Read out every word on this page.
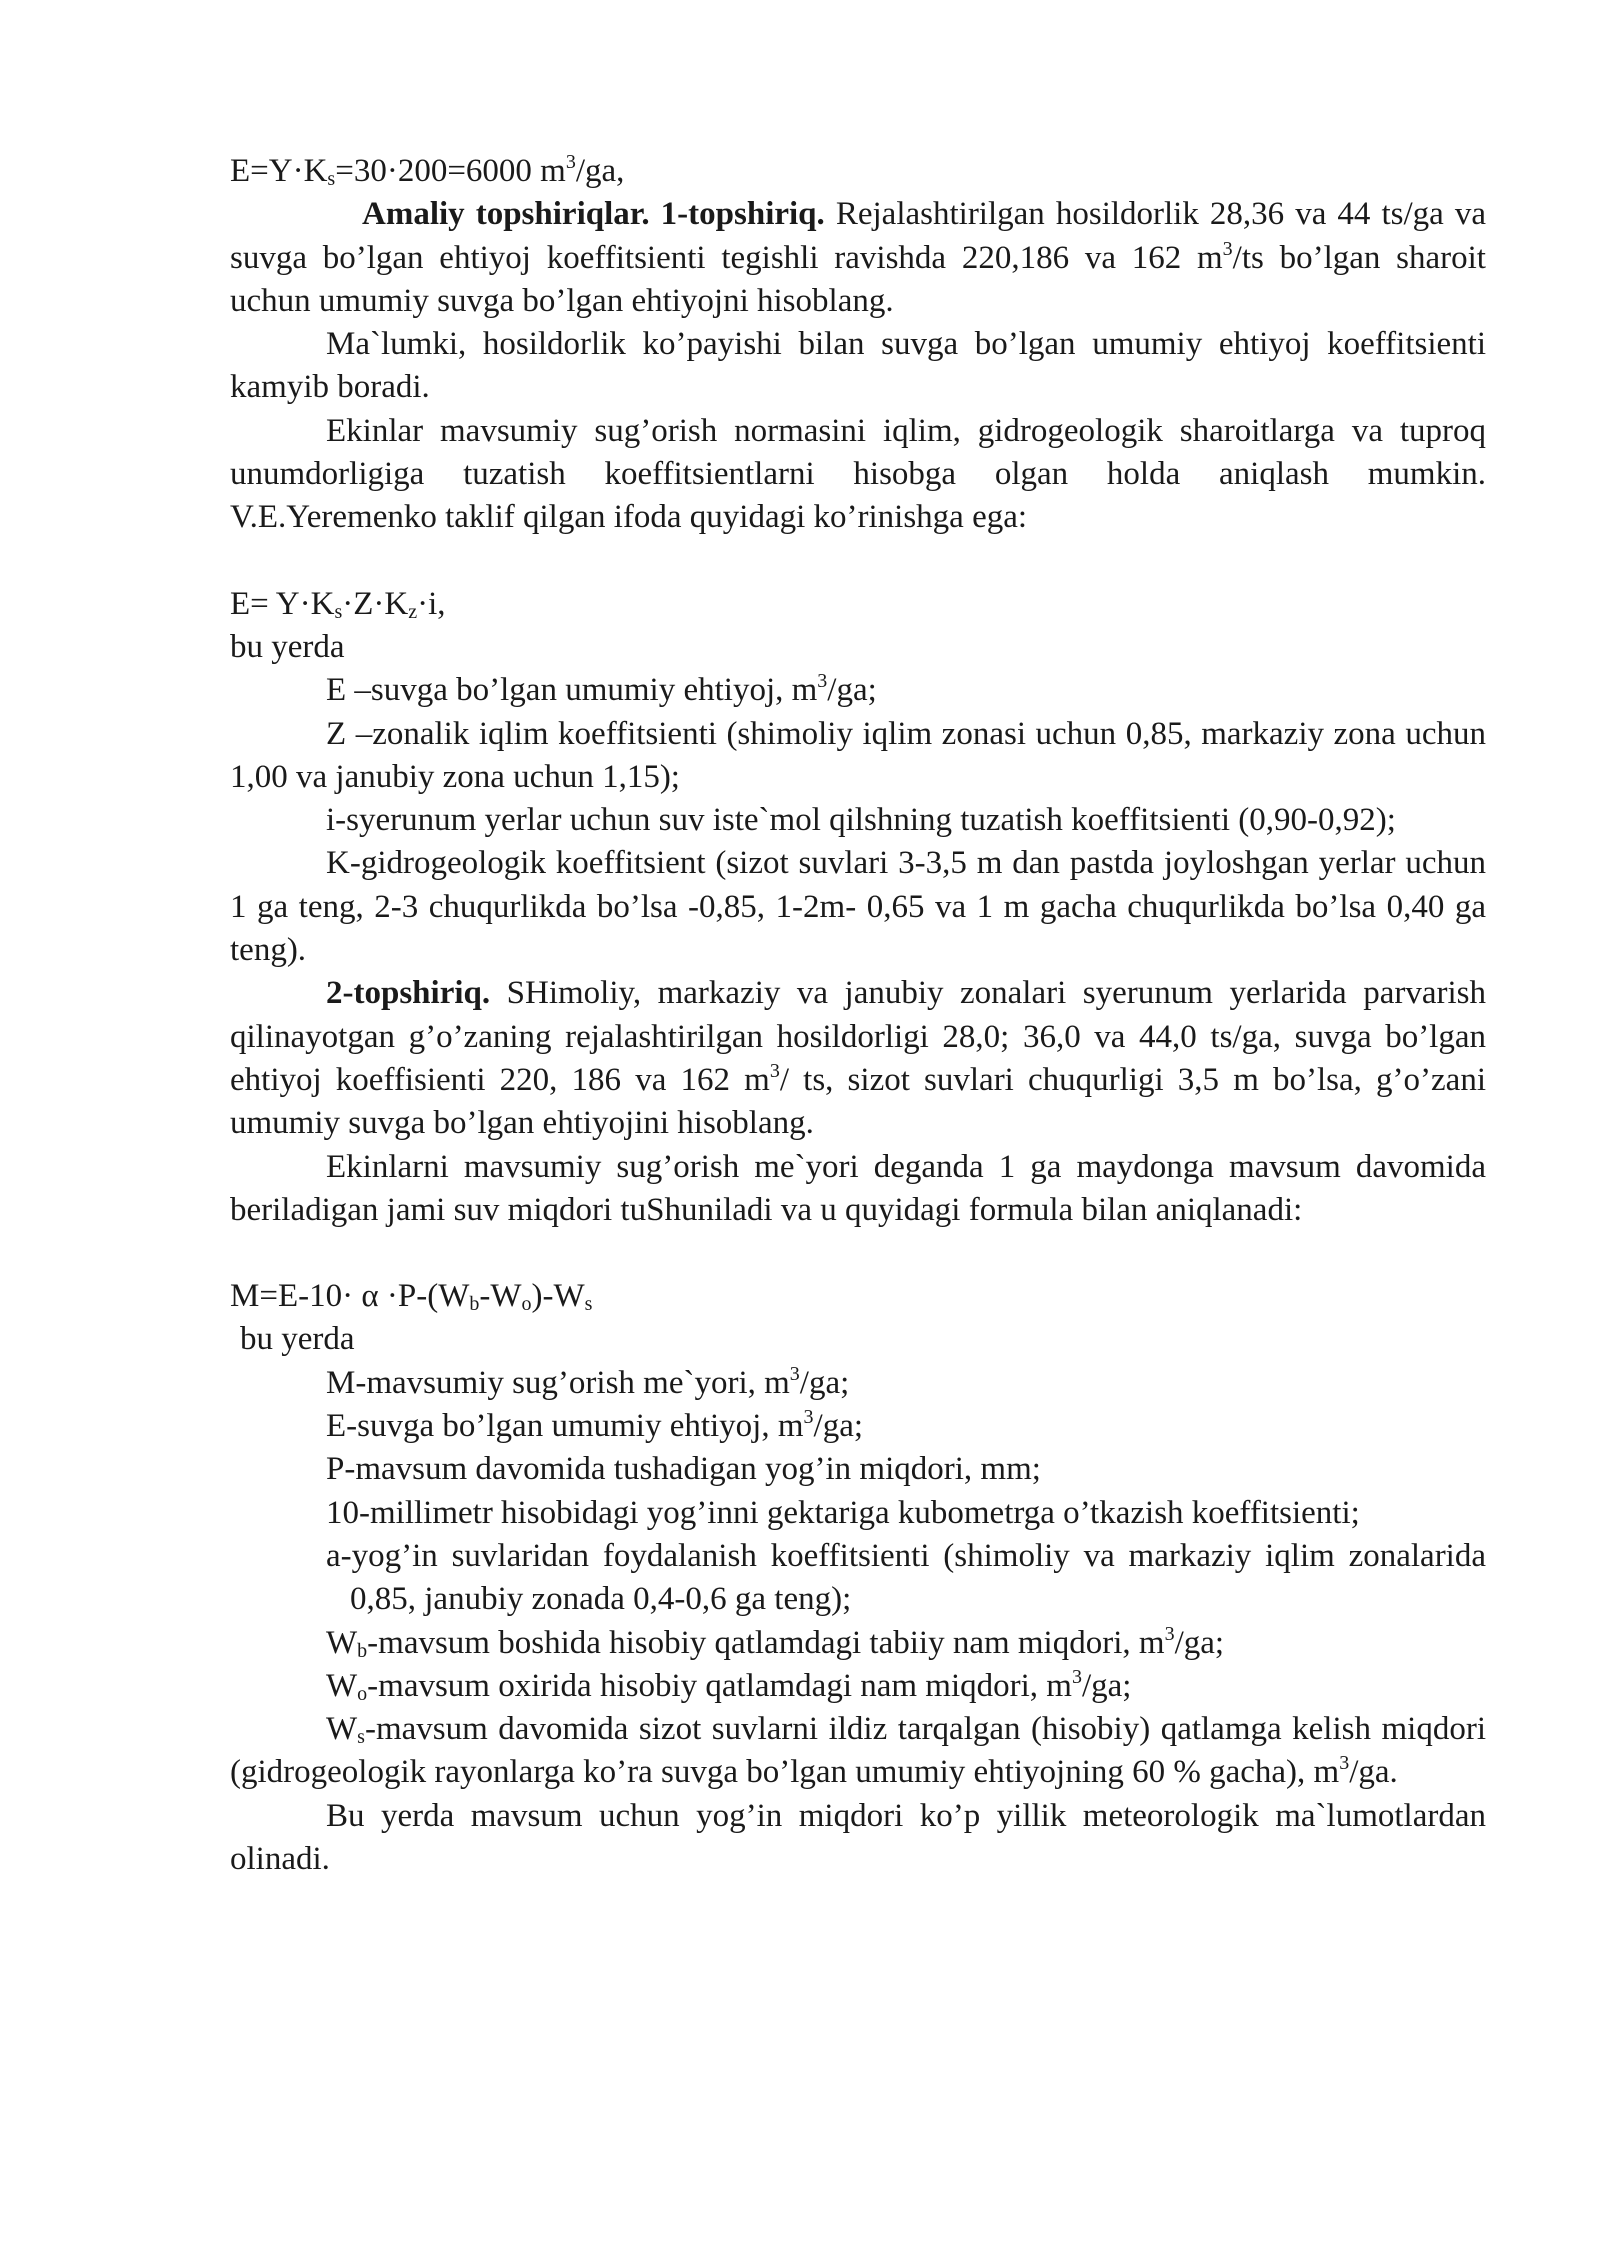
$E=Y\cdot K_s=30\cdot 200=6000$ $m^3/ga$,

Amaliy topshiriqlar. 1-topshiriq. Rejalashtirilgan hosildorlik 28,36 va 44 ts/ga va suvga bo’lgan ehtiyoj koeffitsienti tegishli ravishda 220,186 va 162 $m^3/ts$ bo’lgan sharoit uchun umumiy suvga bo’lgan ehtiyojni hisoblang.

Ma`lumki, hosildorlik ko’payishi bilan suvga bo’lgan umumiy ehtiyoj koeffitsienti kamyib boradi.

Ekinlar mavsumiy sug’orish normasini iqlim, gidrogeologik sharoitlarga va tuproq unumdorligiga tuzatish koeffitsientlarni hisobga olgan holda aniqlash mumkin. V.E.Yeremenko taklif qilgan ifoda quyidagi ko’rinishga ega:

$E= Y\cdot K_s\cdot Z\cdot K_z\cdot i$,

bu yerda

E –suvga bo’lgan umumiy ehtiyoj, $m^3/ga$;

Z –zonalik iqlim koeffitsienti (shimoliy iqlim zonasi uchun 0,85, markaziy zona uchun 1,00 va janubiy zona uchun 1,15);

i-syerunum yerlar uchun suv iste`mol qilshning tuzatish koeffitsienti (0,90-0,92);

K-gidrogeologik koeffitsient (sizot suvlari 3-3,5 m dan pastda joyloshgan yerlar uchun 1 ga teng, 2-3 chuqurlikda bo’lsa -0,85, 1-2m- 0,65 va 1 m gacha chuqurlikda bo’lsa 0,40 ga teng).

2-topshiriq. SHimoliy, markaziy va janubiy zonalari syerunum yerlarida parvarish qilinayotgan g’o’zaning rejalashtirilgan hosildorligi 28,0; 36,0 va 44,0 ts/ga, suvga bo’lgan ehtiyoj koeffisienti 220, 186 va 162 $m^3/$ ts, sizot suvlari chuqurligi 3,5 m bo’lsa, g’o’zani umumiy suvga bo’lgan ehtiyojini hisoblang.

Ekinlarni mavsumiy sug’orish me`yori deganda 1 ga maydonga mavsum davomida beriladigan jami suv miqdori tuShuniladi va u quyidagi formula bilan aniqlanadi:

$M=E-10\cdot \alpha \cdot P-(W_b-W_o)-W_s$

bu yerda

M-mavsumiy sug’orish me`yori, $m^3/ga$;

E-suvga bo’lgan umumiy ehtiyoj, $m^3/ga$;

P-mavsum davomida tushadigan yog’in miqdori, mm;

10-millimetr hisobidagi yog’inni gektariga kubometrga o’tkazish koeffitsienti;

a-yog’in suvlaridan foydalanish koeffitsienti (shimoliy va markaziy iqlim zonalarida 0,85, janubiy zonada 0,4-0,6 ga teng);

$W_b$-mavsum boshida hisobiy qatlamdagi tabiiy nam miqdori, $m^3/ga$;

$W_o$-mavsum oxirida hisobiy qatlamdagi nam miqdori, $m^3/ga$;

$W_s$-mavsum davomida sizot suvlarni ildiz tarqalgan (hisobiy) qatlamga kelish miqdori (gidrogeologik rayonlarga ko’ra suvga bo’lgan umumiy ehtiyojning 60 % gacha), $m^3/ga$.

Bu yerda mavsum uchun yog’in miqdori ko’p yillik meteorologik ma`lumotlardan olinadi.
